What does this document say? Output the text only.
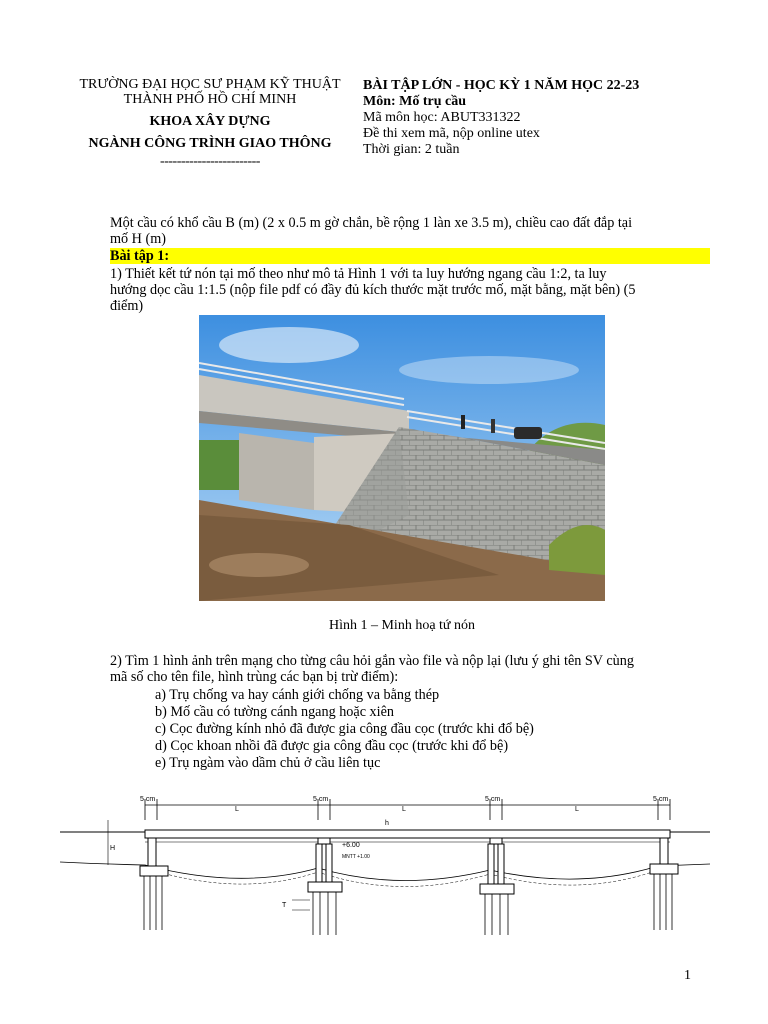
TRƯỜNG ĐẠI HỌC SƯ PHẠM KỸ THUẬT
THÀNH PHỐ HỒ CHÍ MINH
KHOA XÂY DỰNG
NGÀNH CÔNG TRÌNH GIAO THÔNG
------------------------
BÀI TẬP LỚN - HỌC KỲ 1 NĂM HỌC 22-23
Môn: Mố trụ cầu
Mã môn học: ABUT331322
Đề thi xem mã, nộp online utex
Thời gian: 2 tuần
Một cầu có khổ cầu B (m) (2 x 0.5 m gờ chắn, bề rộng 1 làn xe 3.5 m), chiều cao đất đắp tại
mố H (m)
Bài tập 1:
1) Thiết kết tứ nón tại mố theo như mô tả Hình 1 với ta luy hướng ngang cầu 1:2, ta luy
hướng dọc cầu 1:1.5 (nộp file pdf có đầy đủ kích thước mặt trước mố, mặt bằng, mặt bên) (5
điểm)
Hình 1 – Minh hoạ tứ nón
2) Tìm 1 hình ảnh trên mạng cho từng câu hỏi gắn vào file và nộp lại (lưu ý ghi tên SV cùng
mã số cho tên file, hình trùng các bạn bị trừ điểm):
a) Trụ chống va hay cánh giới chống va bằng thép
b) Mố cầu có tường cánh ngang hoặc xiên
c) Cọc đường kính nhỏ đã được gia công đầu cọc (trước khi đổ bệ)
d) Cọc khoan nhồi đã được gia công đầu cọc (trước khi đổ bệ)
e) Trụ ngàm vào dầm chủ ở cầu liên tục
5 cm
L
5 cm
L
5 cm
L
5 cm
H
h
+6.00
MNTT +1.00
T
1
